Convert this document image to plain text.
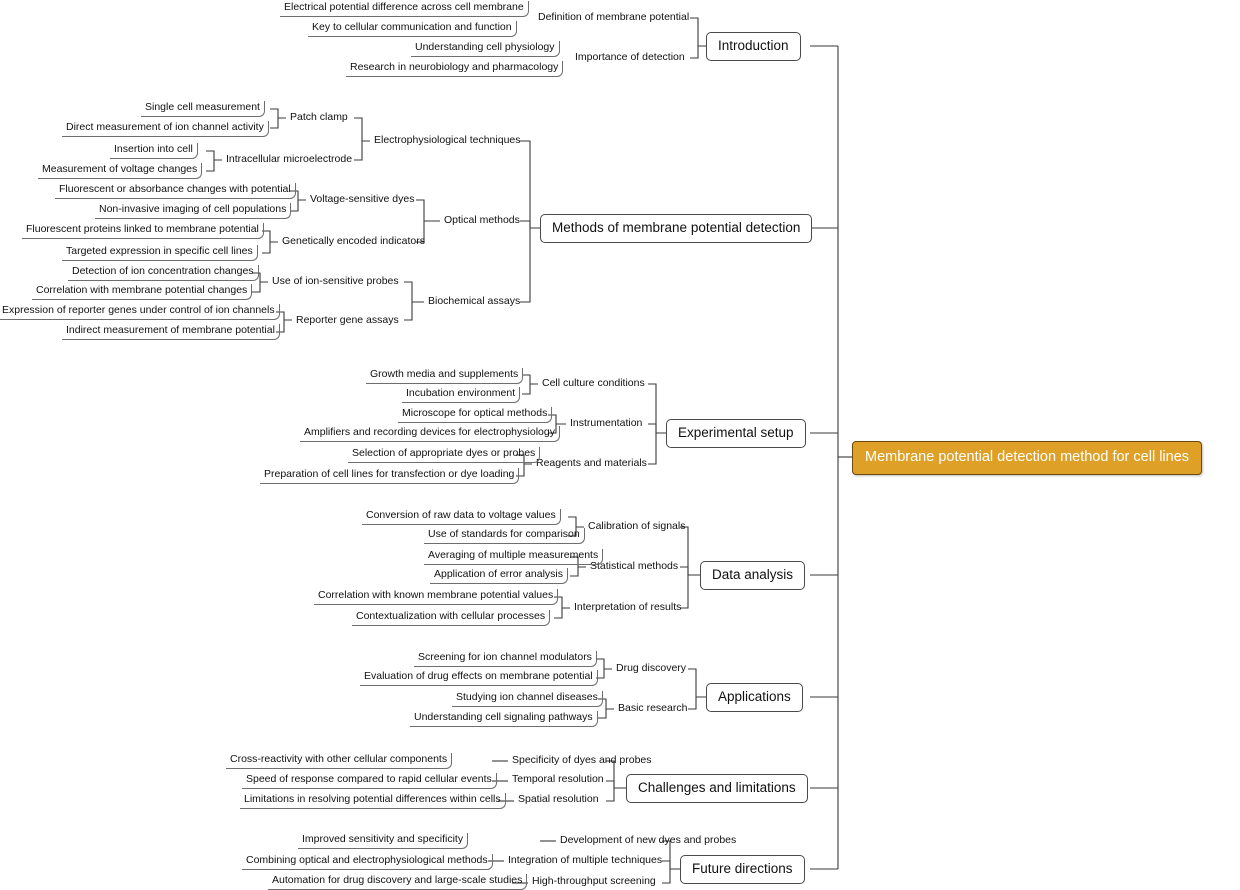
Membrane potential detection method for cell lines
Introduction
Methods of membrane potential detection
Experimental setup
Data analysis
Applications
Challenges and limitations
Future directions
Definition of membrane potential
Importance of detection
Electrical potential difference across cell membrane
Key to cellular communication and function
Understanding cell physiology
Research in neurobiology and pharmacology
Electrophysiological techniques
Optical methods
Biochemical assays
Patch clamp
Intracellular microelectrode
Voltage-sensitive dyes
Genetically encoded indicators
Use of ion-sensitive probes
Reporter gene assays
Single cell measurement
Direct measurement of ion channel activity
Insertion into cell
Measurement of voltage changes
Fluorescent or absorbance changes with potential
Non-invasive imaging of cell populations
Fluorescent proteins linked to membrane potential
Targeted expression in specific cell lines
Detection of ion concentration changes
Correlation with membrane potential changes
Expression of reporter genes under control of ion channels
Indirect measurement of membrane potential
Cell culture conditions
Instrumentation
Reagents and materials
Growth media and supplements
Incubation environment
Microscope for optical methods
Amplifiers and recording devices for electrophysiology
Selection of appropriate dyes or probes
Preparation of cell lines for transfection or dye loading
Calibration of signals
Statistical methods
Interpretation of results
Conversion of raw data to voltage values
Use of standards for comparison
Averaging of multiple measurements
Application of error analysis
Correlation with known membrane potential values
Contextualization with cellular processes
Drug discovery
Basic research
Screening for ion channel modulators
Evaluation of drug effects on membrane potential
Studying ion channel diseases
Understanding cell signaling pathways
Specificity of dyes and probes
Temporal resolution
Spatial resolution
Cross-reactivity with other cellular components
Speed of response compared to rapid cellular events
Limitations in resolving potential differences within cells
Development of new dyes and probes
Integration of multiple techniques
High-throughput screening
Improved sensitivity and specificity
Combining optical and electrophysiological methods
Automation for drug discovery and large-scale studies
